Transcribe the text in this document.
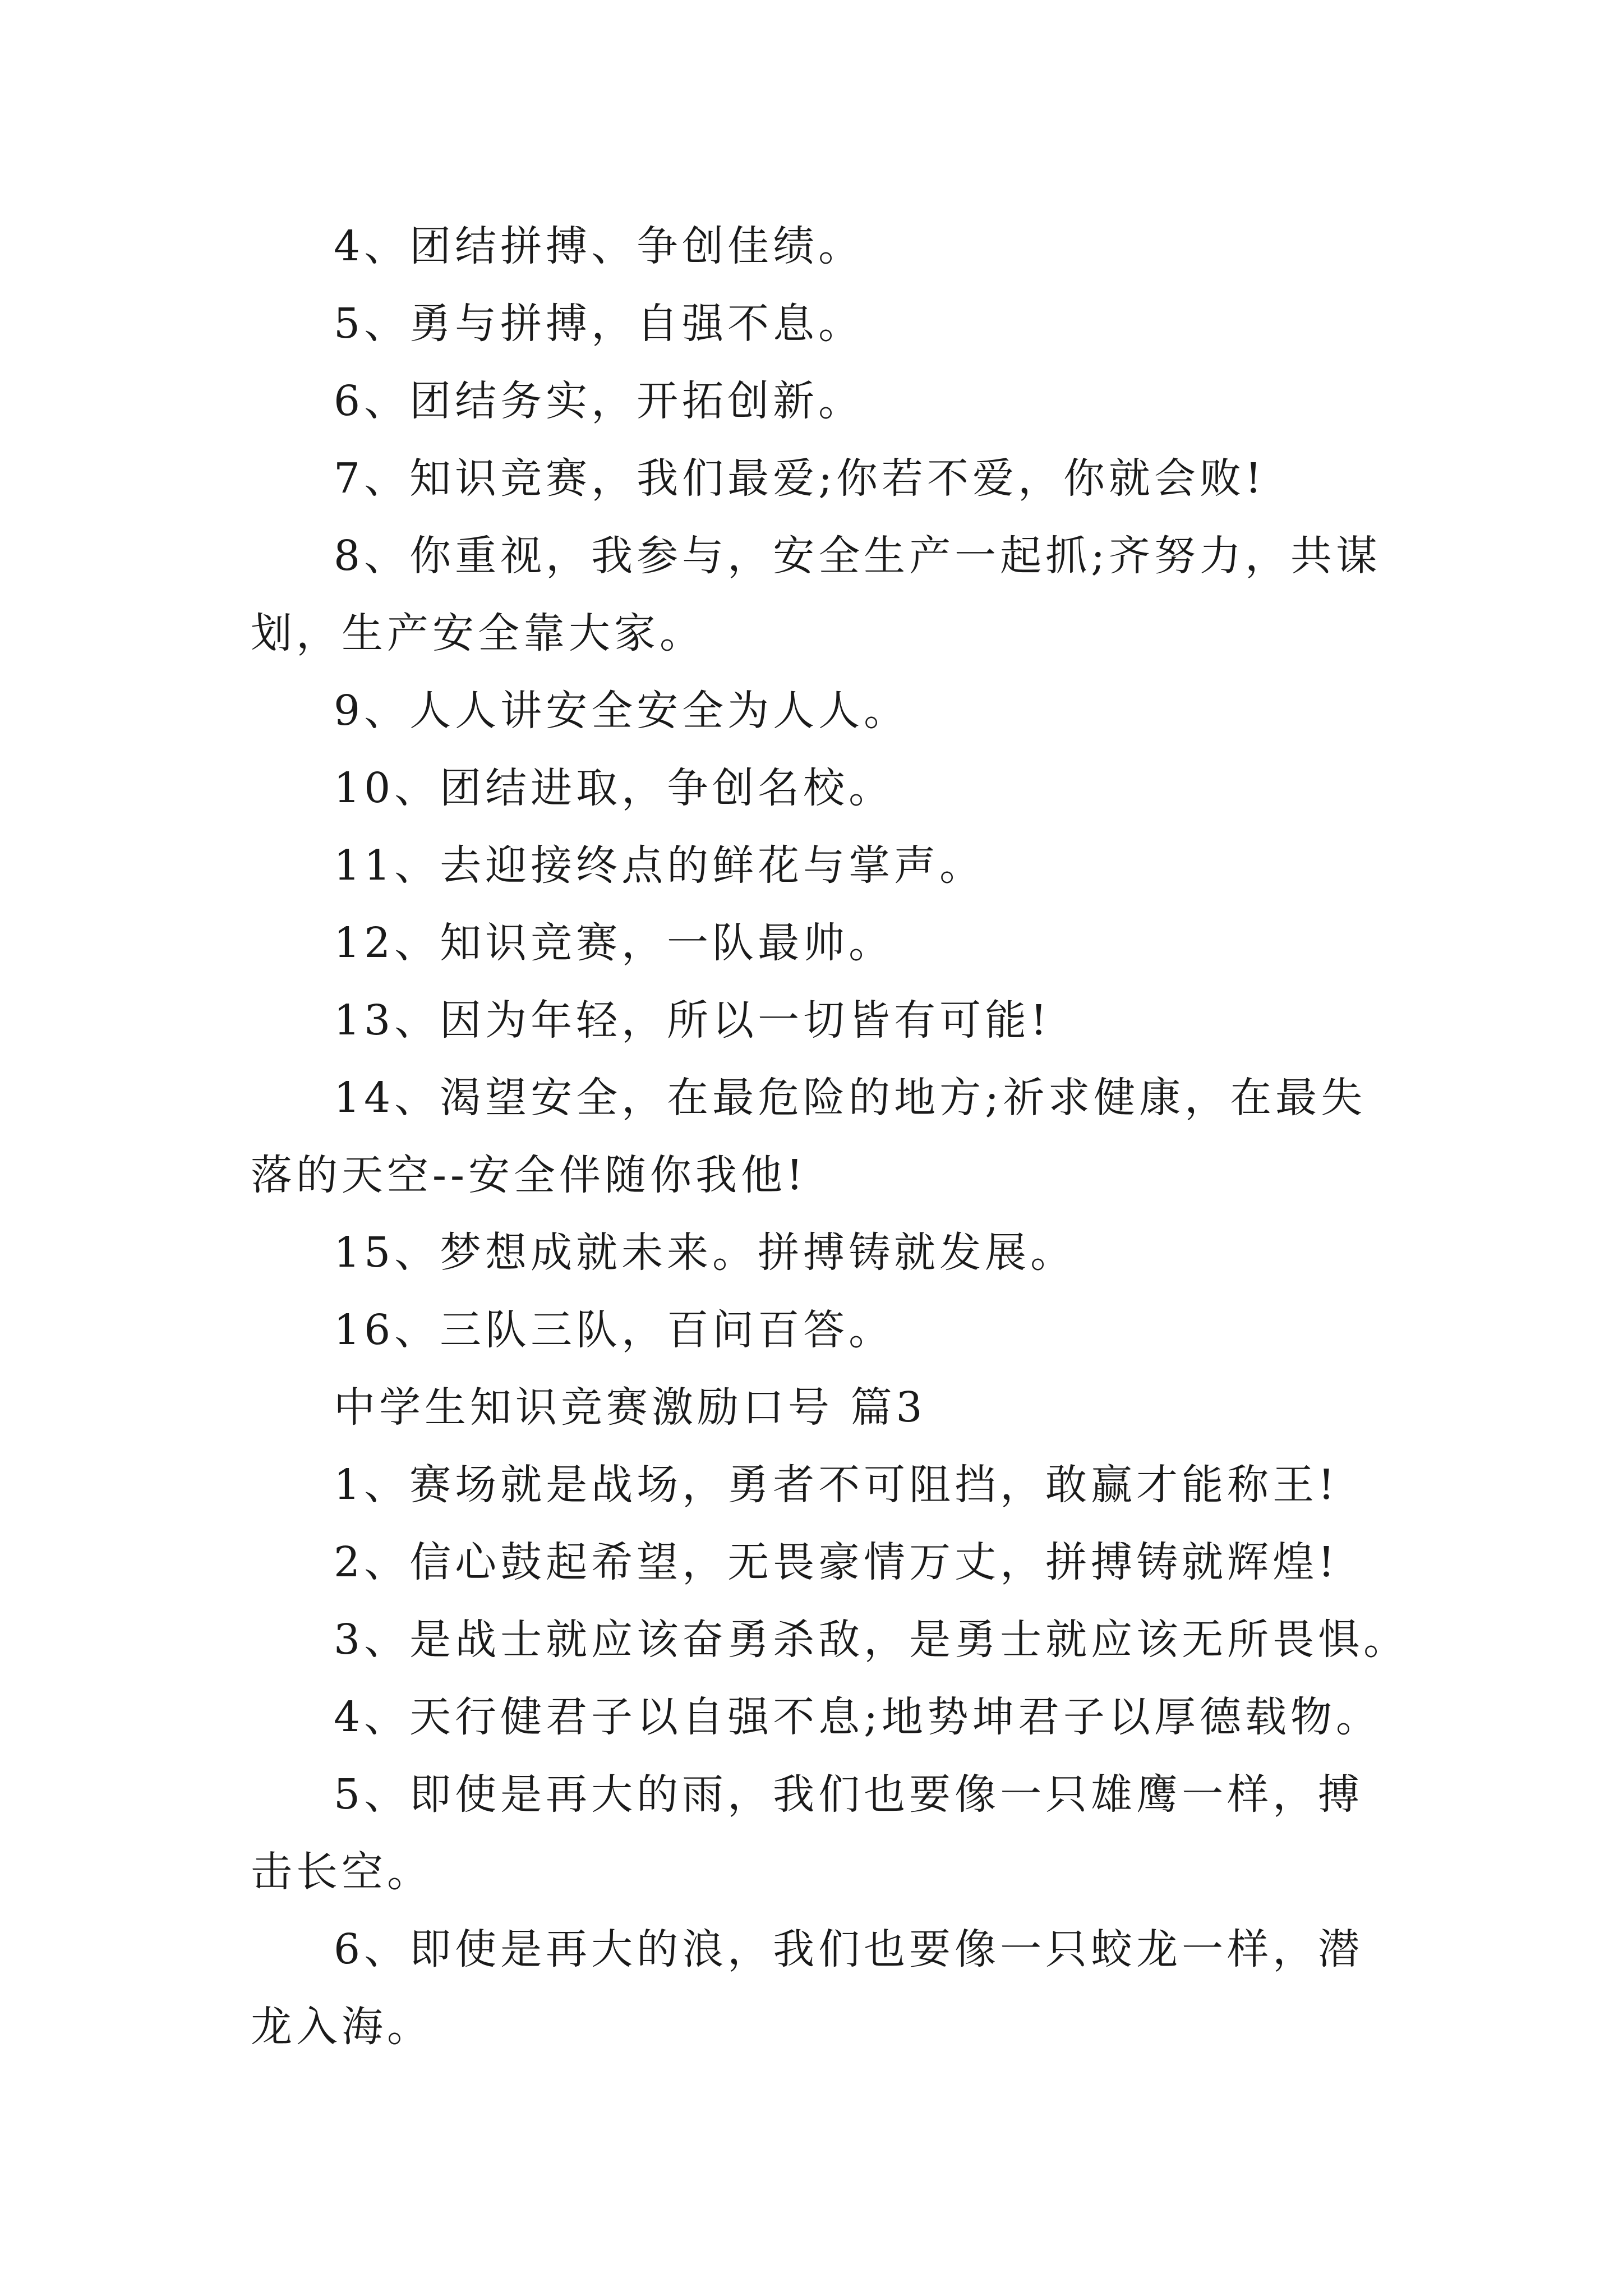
4、团结拼搏、争创佳绩。

5、勇与拼搏，自强不息。

6、团结务实，开拓创新。

7、知识竞赛，我们最爱;你若不爱，你就会败!

8、你重视，我参与，安全生产一起抓;齐努力，共谋划，生产安全靠大家。

9、人人讲安全安全为人人。

10、团结进取，争创名校。

11、去迎接终点的鲜花与掌声。

12、知识竞赛，一队最帅。

13、因为年轻，所以一切皆有可能!

14、渴望安全，在最危险的地方;祈求健康，在最失落的天空--安全伴随你我他!

15、梦想成就未来。拼搏铸就发展。

16、三队三队，百问百答。

中学生知识竞赛激励口号 篇3

1、赛场就是战场，勇者不可阻挡，敢赢才能称王!

2、信心鼓起希望，无畏豪情万丈，拼搏铸就辉煌!

3、是战士就应该奋勇杀敌，是勇士就应该无所畏惧。

4、天行健君子以自强不息;地势坤君子以厚德载物。

5、即使是再大的雨，我们也要像一只雄鹰一样，搏击长空。

6、即使是再大的浪，我们也要像一只蛟龙一样，潜龙入海。
